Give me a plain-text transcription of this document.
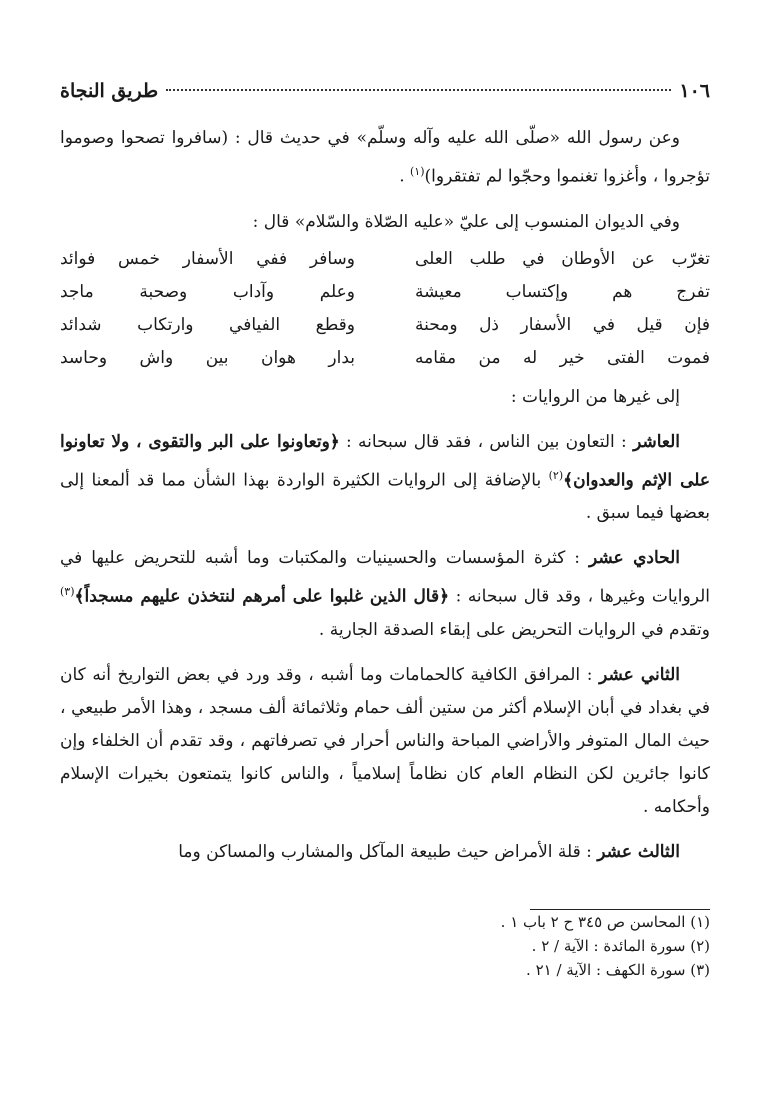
١٠٦
طريق النجاة

وعن رسول الله «صلّى الله عليه وآله وسلّم» في حديث قال : (سافروا تصحوا وصوموا تؤجروا ، وأغزوا تغنموا وحجّوا لم تفتقروا)$^{(١)}$ .

وفي الديوان المنسوب إلى عليّ «عليه الصّلاة والسّلام» قال :

تغرّب عن الأوطان في طلب العلى
وسافر ففي الأسفار خمس فوائد
تفرج هم وإكتساب معيشة
وعلم وآداب وصحبة ماجد
فإن قيل في الأسفار ذل ومحنة
وقطع الفيافي وارتكاب شدائد
فموت الفتى خير له من مقامه
بدار هوان بين واش وحاسد

إلى غيرها من الروايات :

العاشر : التعاون بين الناس ، فقد قال سبحانه : ﴿وتعاونوا على البر والتقوى ، ولا تعاونوا على الإثم والعدوان﴾$^{(٢)}$ بالإضافة إلى الروايات الكثيرة الواردة بهذا الشأن مما قد ألمعنا إلى بعضها فيما سبق .

الحادي عشر : كثرة المؤسسات والحسينيات والمكتبات وما أشبه للتحريض عليها في الروايات وغيرها ، وقد قال سبحانه : ﴿قال الذين غلبوا على أمرهم لنتخذن عليهم مسجداً﴾$^{(٣)}$ وتقدم في الروايات التحريض على إبقاء الصدقة الجارية .

الثاني عشر : المرافق الكافية كالحمامات وما أشبه ، وقد ورد في بعض التواريخ أنه كان في بغداد في أبان الإسلام أكثر من ستين ألف حمام وثلاثمائة ألف مسجد ، وهذا الأمر طبيعي ، حيث المال المتوفر والأراضي المباحة والناس أحرار في تصرفاتهم ، وقد تقدم أن الخلفاء وإن كانوا جائرين لكن النظام العام كان نظاماً إسلامياً ، والناس كانوا يتمتعون بخيرات الإسلام وأحكامه .

الثالث عشر : قلة الأمراض حيث طبيعة المآكل والمشارب والمساكن وما

(١) المحاسن ص ٣٤٥ ح ٢ باب ١ .

(٢) سورة المائدة : الآية / ٢ .

(٣) سورة الكهف : الآية / ٢١ .
